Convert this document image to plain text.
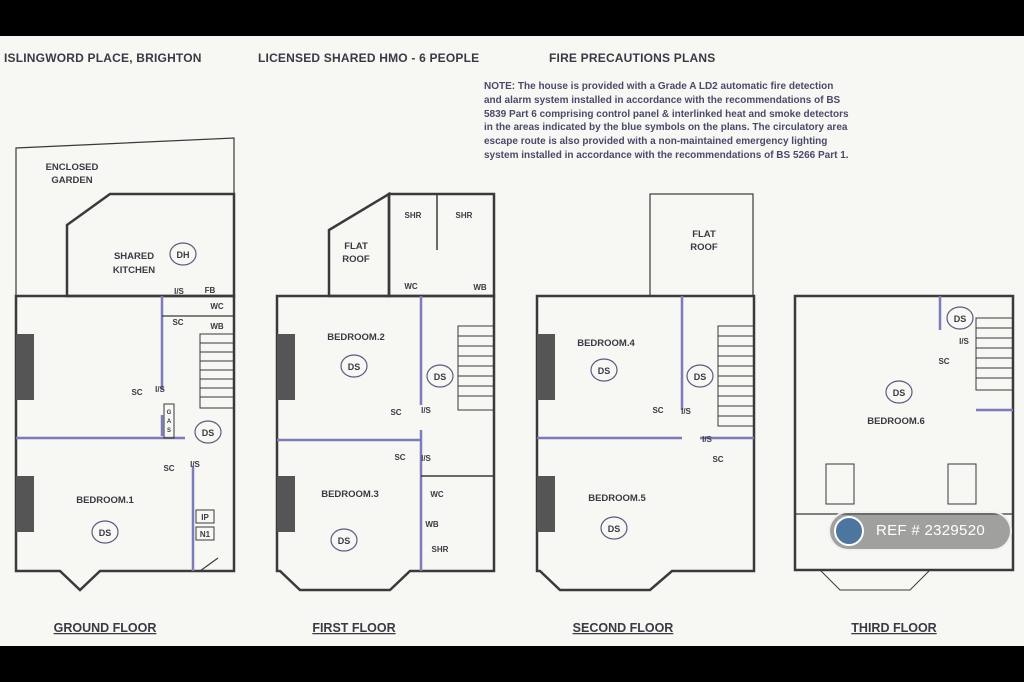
ISLINGWORD PLACE, BRIGHTON	LICENSED SHARED HMO - 6 PEOPLE	FIRE PRECAUTIONS PLANS
NOTE: The house is provided with a Grade A LD2 automatic fire detection
and alarm system installed in accordance with the recommendations of BS
5839 Part 6 comprising control panel & interlinked heat and smoke detectors
in the areas indicated by the blue symbols on the plans. The circulatory area
escape route is also provided with a non-maintained emergency lighting
system installed in accordance with the recommendations of BS 5266 Part 1.
DH
DS
DS
DS
DS
DS
DS
DS
DS
DS
DS
ENCLOSED
GARDEN
SHARED
KITCHEN
BEDROOM.1
FLAT
ROOF
BEDROOM.2
BEDROOM.3
FLAT
ROOF
BEDROOM.4
BEDROOM.5
BEDROOM.6
FB
WC
WB
I/S
SC
SC I/S
G
A
S
SC I/S
IP
N1
SHR	SHR
WC	WB
SC I/S
SC I/S
WC
WB
SHR
SC I/S
I/S
SC
I/S
SC
GROUND FLOOR	FIRST FLOOR	SECOND FLOOR	THIRD FLOOR
REF # 2329520
